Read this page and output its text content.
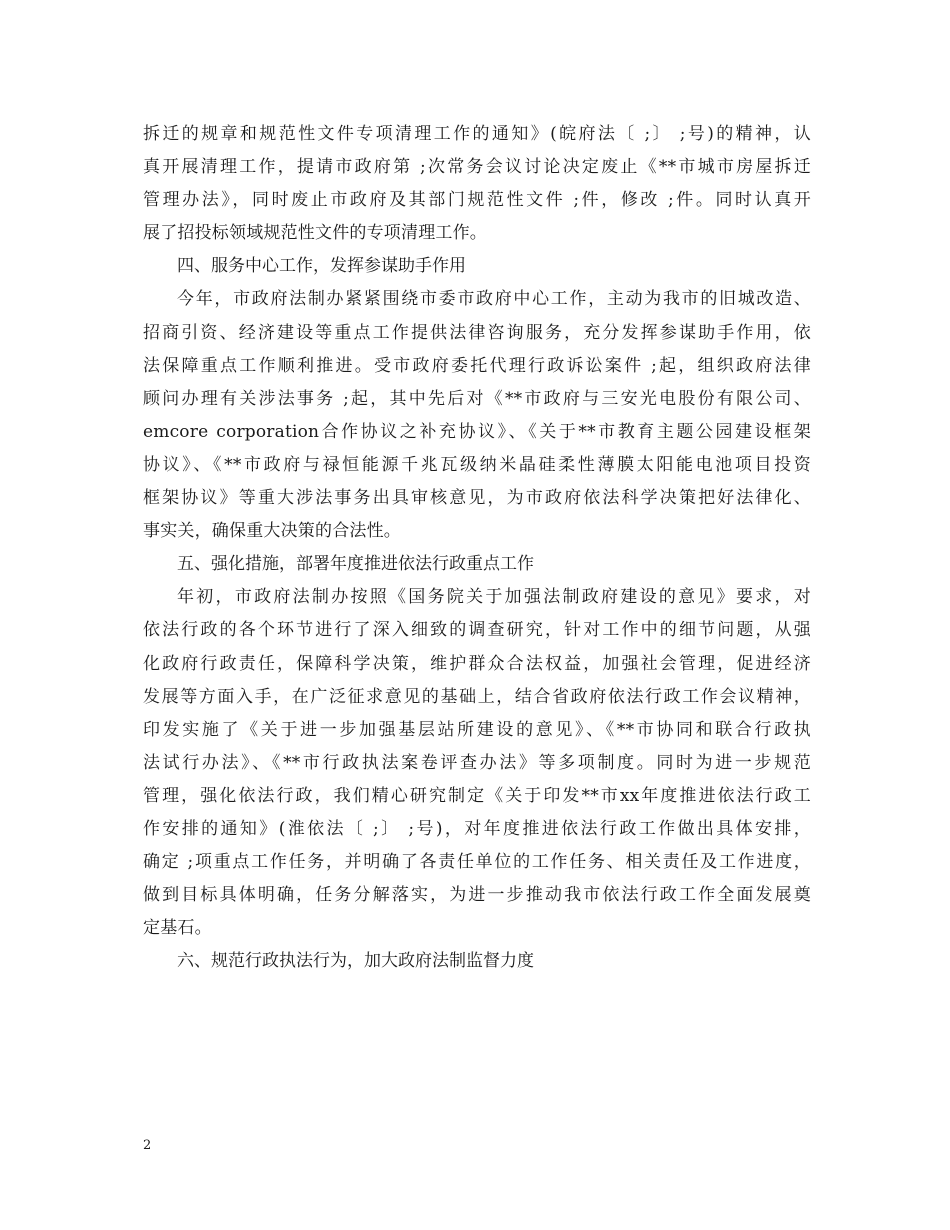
拆迁的规章和规范性文件专项清理工作的通知》(皖府法〔 ;〕 ;号)的精神，认
真开展清理工作，提请市政府第 ;次常务会议讨论决定废止《**市城市房屋拆迁
管理办法》，同时废止市政府及其部门规范性文件 ;件，修改 ;件。同时认真开
展了招投标领域规范性文件的专项清理工作。
四、服务中心工作，发挥参谋助手作用
今年，市政府法制办紧紧围绕市委市政府中心工作，主动为我市的旧城改造、
招商引资、经济建设等重点工作提供法律咨询服务，充分发挥参谋助手作用，依
法保障重点工作顺利推进。受市政府委托代理行政诉讼案件 ;起，组织政府法律
顾问办理有关涉法事务 ;起，其中先后对《**市政府与三安光电股份有限公司、
emcore corporation合作协议之补充协议》、《关于**市教育主题公园建设框架
协议》、《**市政府与禄恒能源千兆瓦级纳米晶硅柔性薄膜太阳能电池项目投资
框架协议》等重大涉法事务出具审核意见，为市政府依法科学决策把好法律化、
事实关，确保重大决策的合法性。
五、强化措施，部署年度推进依法行政重点工作
年初，市政府法制办按照《国务院关于加强法制政府建设的意见》要求，对
依法行政的各个环节进行了深入细致的调查研究，针对工作中的细节问题，从强
化政府行政责任，保障科学决策，维护群众合法权益，加强社会管理，促进经济
发展等方面入手，在广泛征求意见的基础上，结合省政府依法行政工作会议精神，
印发实施了《关于进一步加强基层站所建设的意见》、《**市协同和联合行政执
法试行办法》、《**市行政执法案卷评查办法》等多项制度。同时为进一步规范
管理，强化依法行政，我们精心研究制定《关于印发**市xx年度推进依法行政工
作安排的通知》(淮依法〔 ;〕 ;号)，对年度推进依法行政工作做出具体安排，
确定 ;项重点工作任务，并明确了各责任单位的工作任务、相关责任及工作进度，
做到目标具体明确，任务分解落实，为进一步推动我市依法行政工作全面发展奠
定基石。
六、规范行政执法行为，加大政府法制监督力度
2
